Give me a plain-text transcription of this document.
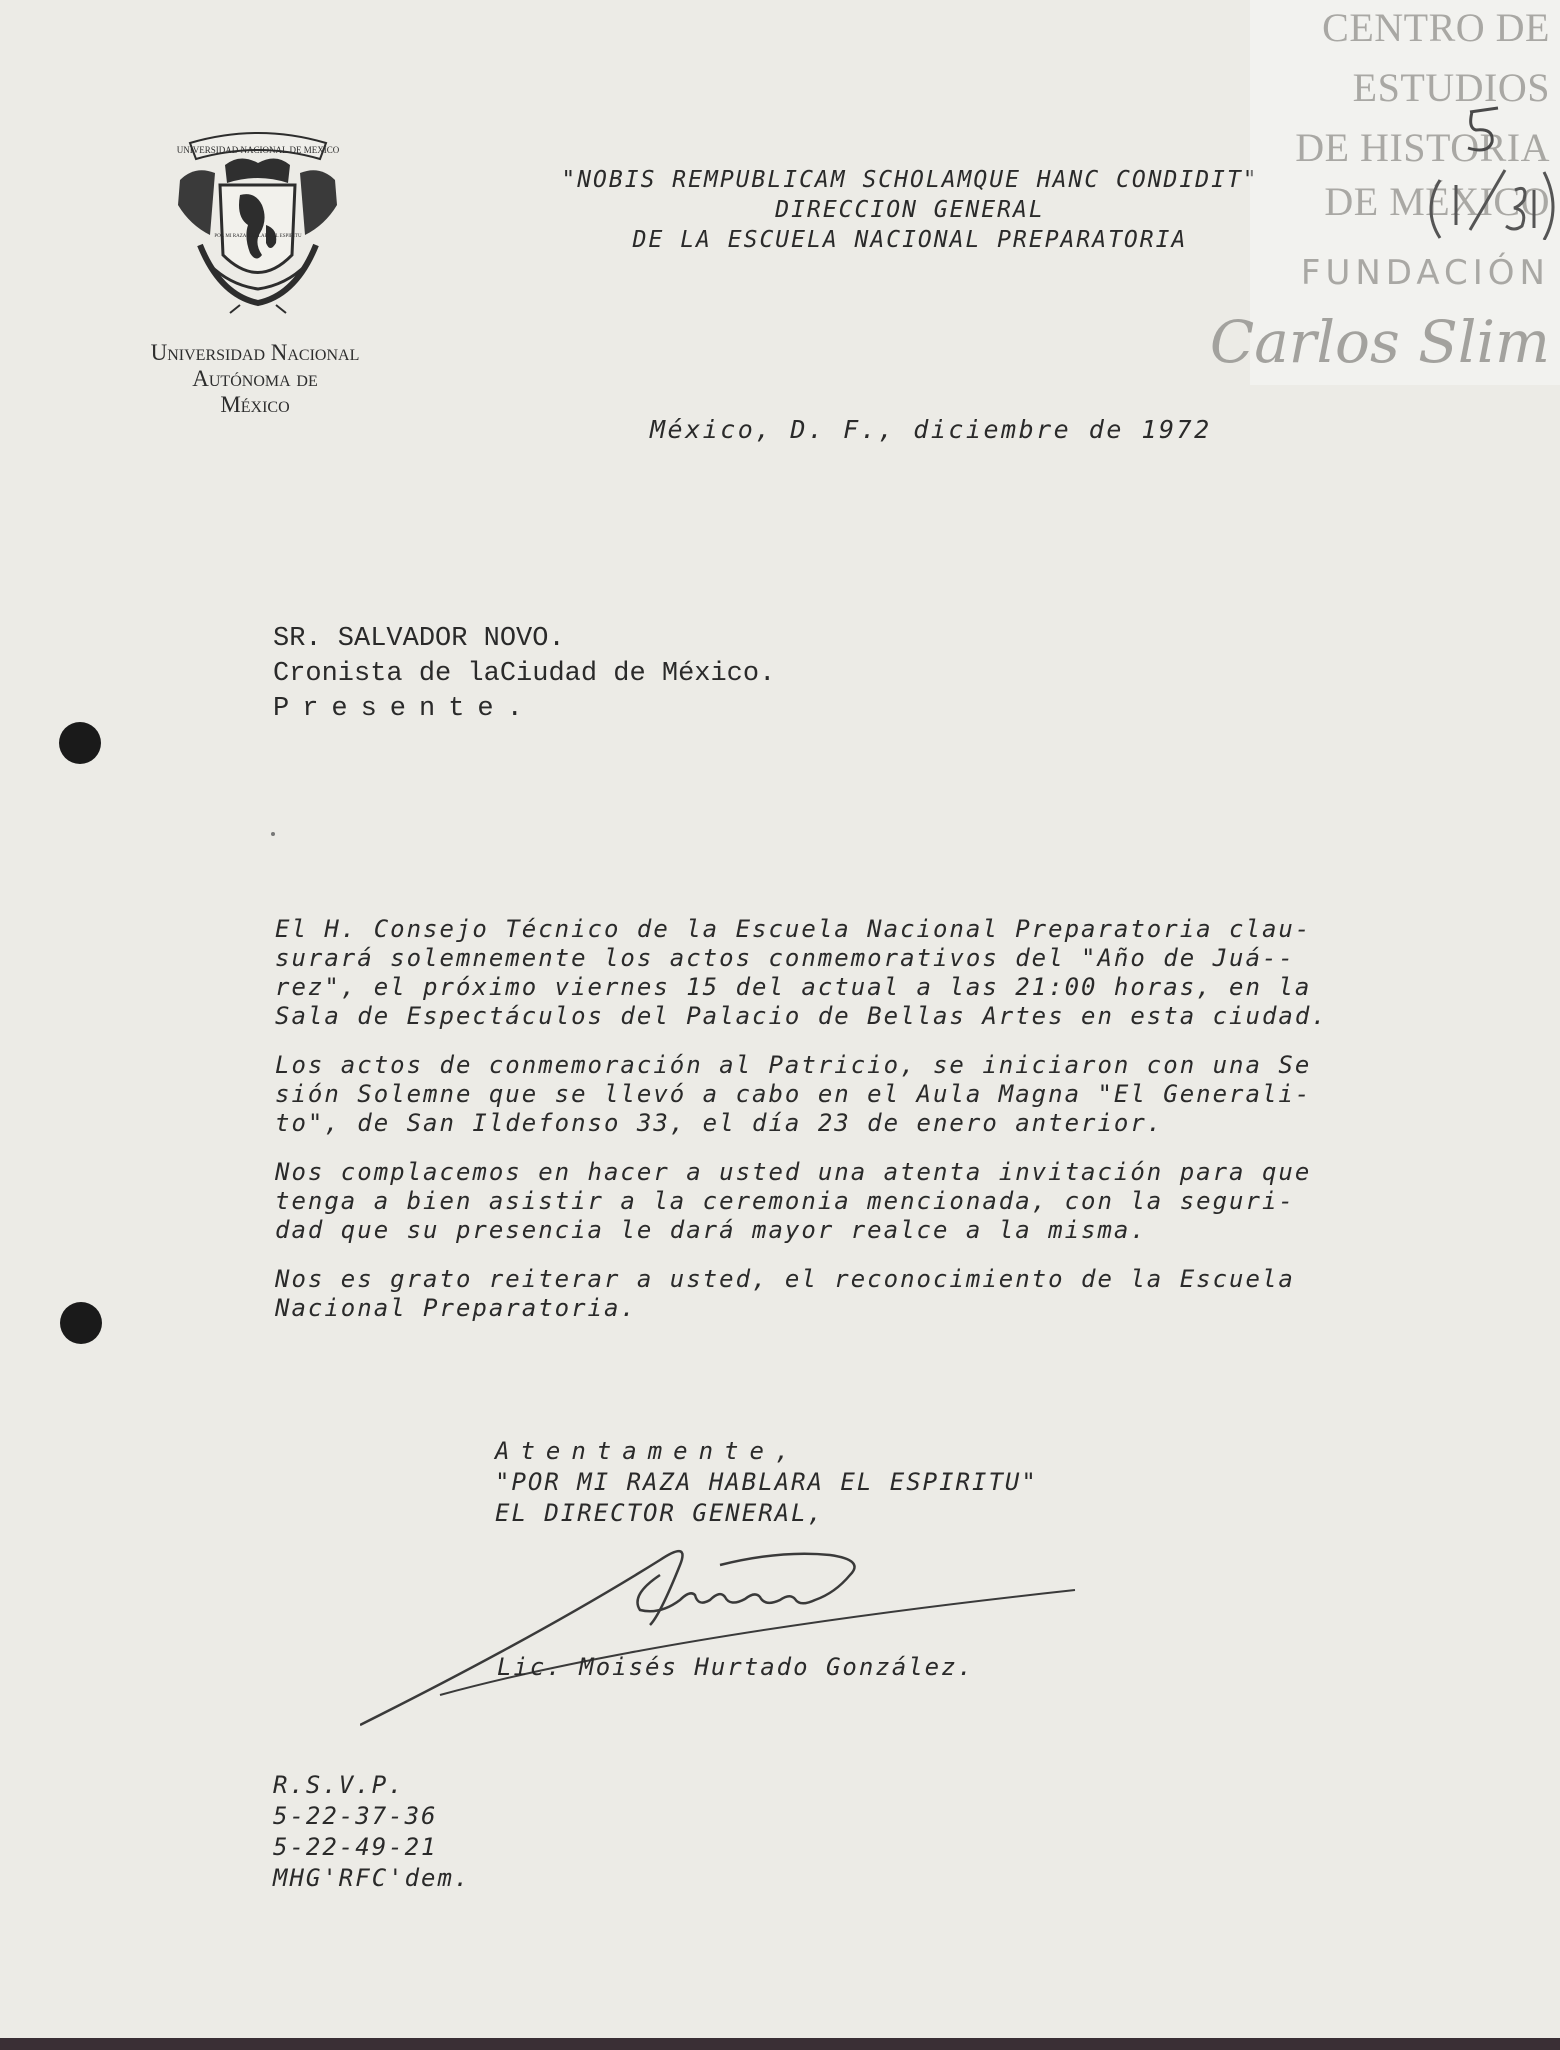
UNIVERSIDAD NACIONAL DE MEXICO
POR MI RAZA HABLARA EL ESPIRITU
Universidad Nacional
Autónoma de
México
"NOBIS REMPUBLICAM SCHOLAMQUE HANC CONDIDIT"
DIRECCION GENERAL
DE LA ESCUELA NACIONAL PREPARATORIA
CENTRO DE
ESTUDIOS
DE HISTORIA
DE MÉXICO
FUNDACIÓN
Carlos Slim
México, D. F., diciembre de 1972
SR. SALVADOR NOVO.
Cronista de laCiudad de México.
Presente.
El H. Consejo Técnico de la Escuela Nacional Preparatoria clau-
surará solemnemente los actos conmemorativos del "Año de Juá--
rez", el próximo viernes 15 del actual a las 21:00 horas, en la
Sala de Espectáculos del Palacio de Bellas Artes en esta ciudad.
Los actos de conmemoración al Patricio, se iniciaron con una Se
sión Solemne que se llevó a cabo en el Aula Magna "El Generali-
to", de San Ildefonso 33, el día 23 de enero anterior.
Nos complacemos en hacer a usted una atenta invitación para que
tenga a bien asistir a la ceremonia mencionada, con la seguri-
dad que su presencia le dará mayor realce a la misma.
Nos es grato reiterar a usted, el reconocimiento de la Escuela
Nacional Preparatoria.
Atentamente,
"POR MI RAZA HABLARA EL ESPIRITU"
EL DIRECTOR GENERAL,
Lic. Moisés Hurtado González.
R.S.V.P.
5-22-37-36
5-22-49-21
MHG'RFC'dem.
